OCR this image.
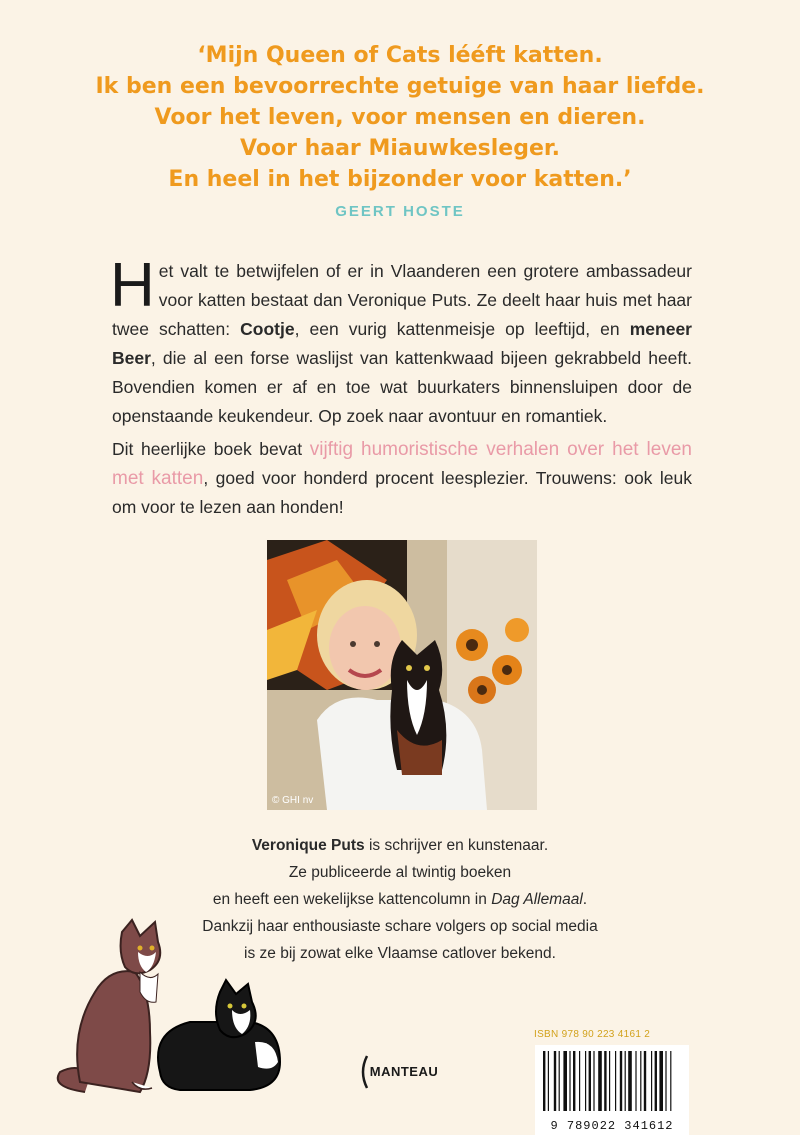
‘Mijn Queen of Cats lééft katten.
Ik ben een bevoorrechte getuige van haar liefde.
Voor het leven, voor mensen en dieren.
Voor haar Miauwkesleger.
En heel in het bijzonder voor katten.’
GEERT HOSTE
Het valt te betwijfelen of er in Vlaanderen een grotere ambassadeur voor katten bestaat dan Veronique Puts. Ze deelt haar huis met haar twee schatten: Cootje, een vurig kattenmeisje op leeftijd, en meneer Beer, die al een forse waslijst van kattenkwaad bijeen gekrabbeld heeft. Bovendien komen er af en toe wat buurkaters binnensluipen door de openstaande keukendeur. Op zoek naar avontuur en romantiek.
Dit heerlijke boek bevat vijftig humoristische verhalen over het leven met katten, goed voor honderd procent leesplezier. Trouwens: ook leuk om voor te lezen aan honden!
© GHI nv
Veronique Puts is schrijver en kunstenaar.
Ze publiceerde al twintig boeken
en heeft een wekelijkse kattencolumn in Dag Allemaal.
Dankzij haar enthousiaste schare volgers op social media
is ze bij zowat elke Vlaamse catlover bekend.
MANTEAU
ISBN 978 90 223 4161 2
9 789022 341612
